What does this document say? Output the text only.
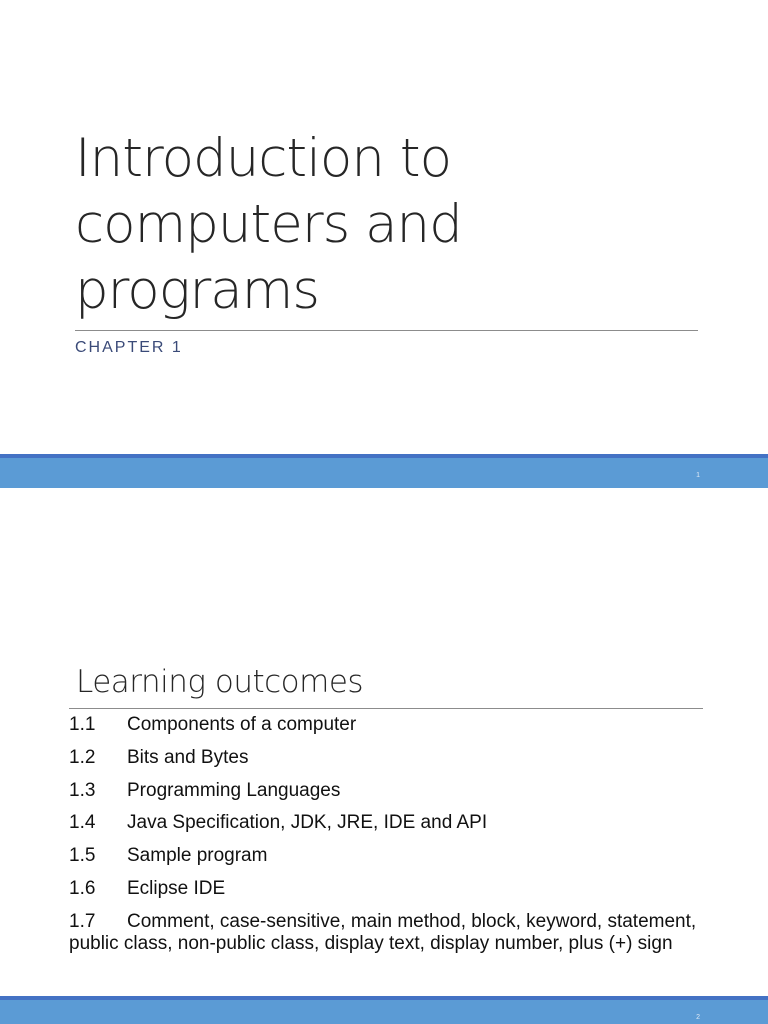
Introduction to computers and programs
CHAPTER 1
1
Learning outcomes
1.1 Components of a computer
1.2 Bits and Bytes
1.3 Programming Languages
1.4 Java Specification, JDK, JRE, IDE and API
1.5 Sample program
1.6 Eclipse IDE
1.7 Comment, case-sensitive, main method, block, keyword, statement, public class, non-public class, display text, display number, plus (+) sign
2
